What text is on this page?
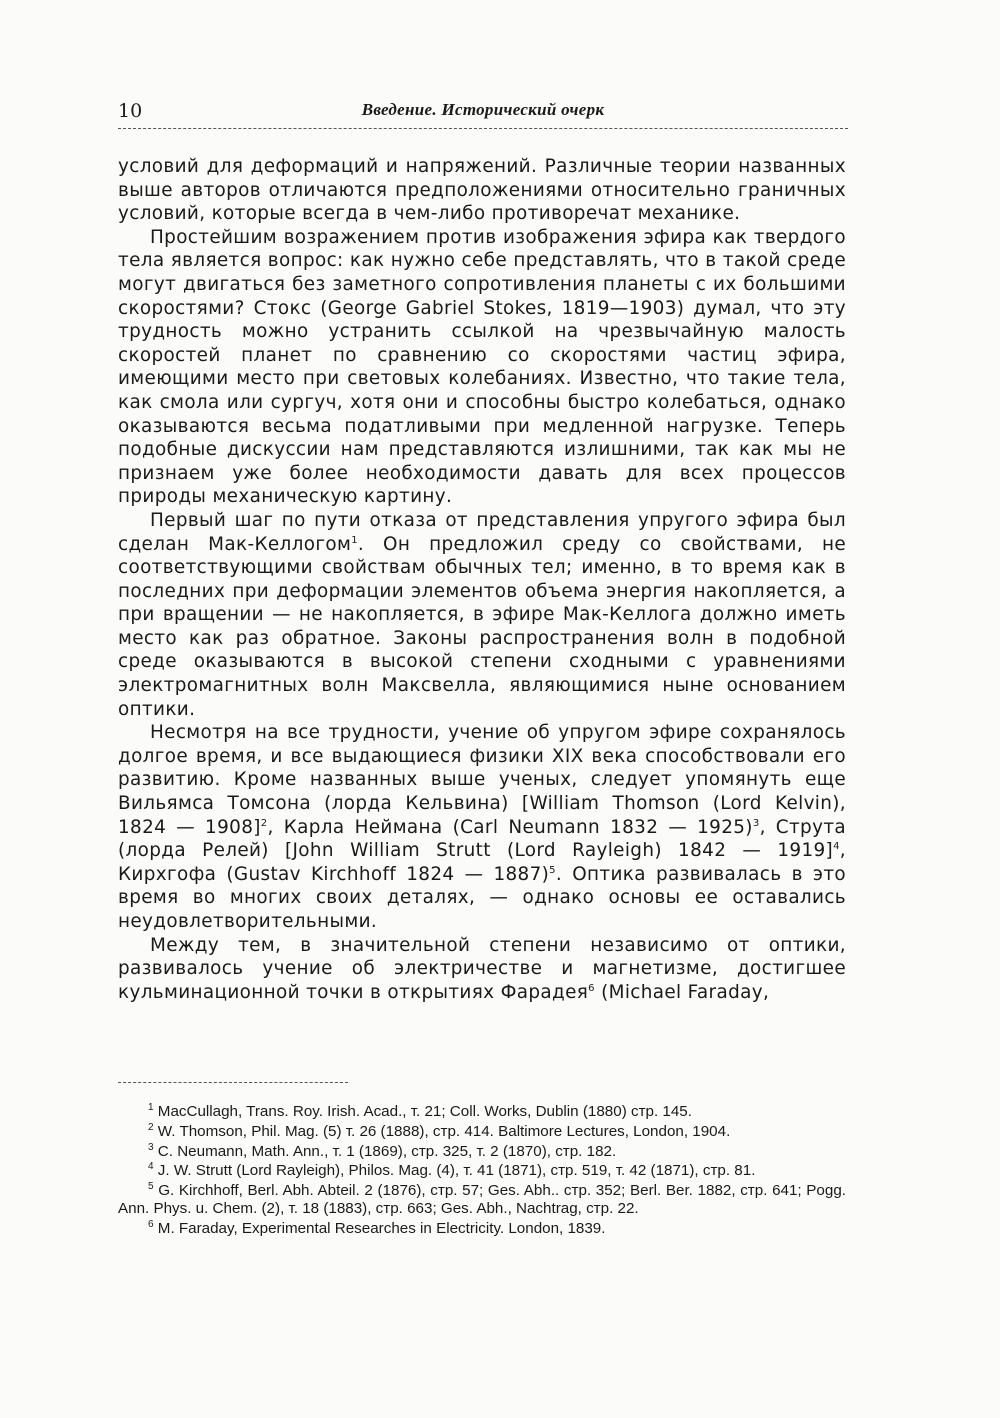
10	Введение. Исторический очерк

условий для деформаций и напряжений. Различные теории названных выше авторов отличаются предположениями относительно граничных условий, которые всегда в чем-либо противоречат механике.

Простейшим возражением против изображения эфира как твердого тела является вопрос: как нужно себе представлять, что в такой среде могут двигаться без заметного сопротивления планеты с их большими скоростями? Стокс (George Gabriel Stokes, 1819—1903) думал, что эту трудность можно устранить ссылкой на чрезвычайную малость скоростей планет по сравнению со скоростями частиц эфира, имеющими место при световых колебаниях. Известно, что такие тела, как смола или сургуч, хотя они и способны быстро колебаться, однако оказываются весьма податливыми при медленной нагрузке. Теперь подобные дискуссии нам представляются излишними, так как мы не признаем уже более необходимости давать для всех процессов природы механическую картину.

Первый шаг по пути отказа от представления упругого эфира был сделан Мак-Келлогом$^1$. Он предложил среду со свойствами, не соответствующими свойствам обычных тел; именно, в то время как в последних при деформации элементов объема энергия накопляется, а при вращении — не накопляется, в эфире Мак-Келлога должно иметь место как раз обратное. Законы распространения волн в подобной среде оказываются в высокой степени сходными с уравнениями электромагнитных волн Максвелла, являющимися ныне основанием оптики.

Несмотря на все трудности, учение об упругом эфире сохранялось долгое время, и все выдающиеся физики XIX века способствовали его развитию. Кроме названных выше ученых, следует упомянуть еще Вильямса Томсона (лорда Кельвина) [William Thomson (Lord Kelvin), 1824 — 1908]$^2$, Карла Неймана (Carl Neumann 1832 — 1925)$^3$, Струта (лорда Релей) [John William Strutt (Lord Rayleigh) 1842 — 1919]$^4$, Кирхгофа (Gustav Kirchhoff 1824 — 1887)$^5$. Оптика развивалась в это время во многих своих деталях, — однако основы ее оставались неудовлетворительными.

Между тем, в значительной степени независимо от оптики, развивалось учение об электричестве и магнетизме, достигшее кульминационной точки в открытиях Фарадея$^6$ (Michael Faraday,

$^1$ MacCullagh, Trans. Roy. Irish. Acad., т. 21; Coll. Works, Dublin (1880) стр. 145.

$^2$ W. Thomson, Phil. Mag. (5) т. 26 (1888), стр. 414. Baltimore Lectures, London, 1904.

$^3$ C. Neumann, Math. Ann., т. 1 (1869), стр. 325, т. 2 (1870), стр. 182.

$^4$ J. W. Strutt (Lord Rayleigh), Philos. Mag. (4), т. 41 (1871), стр. 519, т. 42 (1871), стр. 81.

$^5$ G. Kirchhoff, Berl. Abh. Abteil. 2 (1876), стр. 57; Ges. Abh.. стр. 352; Berl. Ber. 1882, стр. 641; Pogg. Ann. Phys. u. Chem. (2), т. 18 (1883), стр. 663; Ges. Abh., Nachtrag, стр. 22.

$^6$ M. Faraday, Experimental Researches in Electricity. London, 1839.
